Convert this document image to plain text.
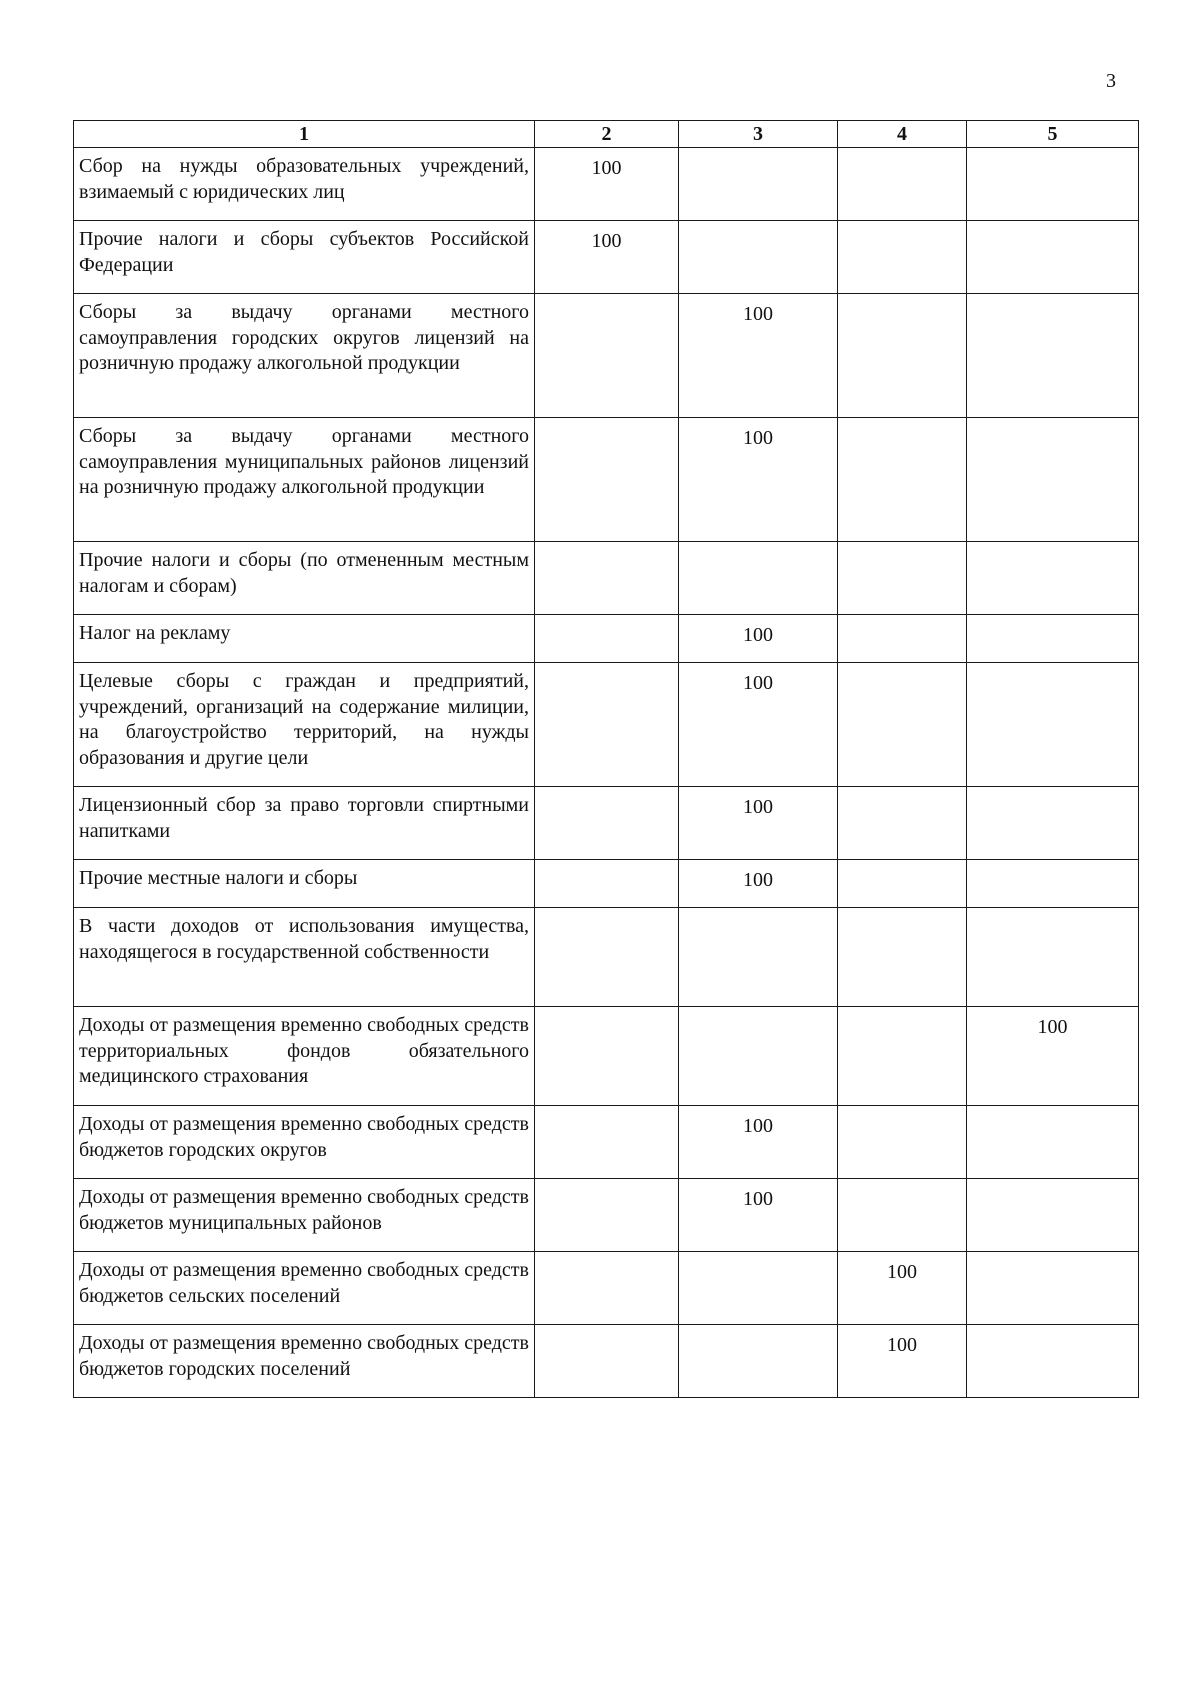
3
1	2	3	4	5
Сбор на нужды образовательных учреждений, взимаемый с юридических лиц	100			
Прочие налоги и сборы субъектов Российской Федерации	100			
Сборы за выдачу органами местного самоуправления городских округов лицензий на розничную продажу алкогольной продукции		100		
Сборы за выдачу органами местного самоуправления муниципальных районов лицензий на розничную продажу алкогольной продукции		100		
Прочие налоги и сборы (по отмененным местным налогам и сборам)				
Налог на рекламу		100		
Целевые сборы с граждан и предприятий, учреждений, организаций на содержание милиции, на благоустройство территорий, на нужды образования и другие цели		100		
Лицензионный сбор за право торговли спиртными напитками		100		
Прочие местные налоги и сборы		100		
В части доходов от использования имущества, находящегося в государственной собственности				
Доходы от размещения временно свободных средств территориальных фондов обязательного медицинского страхования				100
Доходы от размещения временно свободных средств бюджетов городских округов		100		
Доходы от размещения временно свободных средств бюджетов муниципальных районов		100		
Доходы от размещения временно свободных средств бюджетов сельских поселений			100	
Доходы от размещения временно свободных средств бюджетов городских поселений			100	
